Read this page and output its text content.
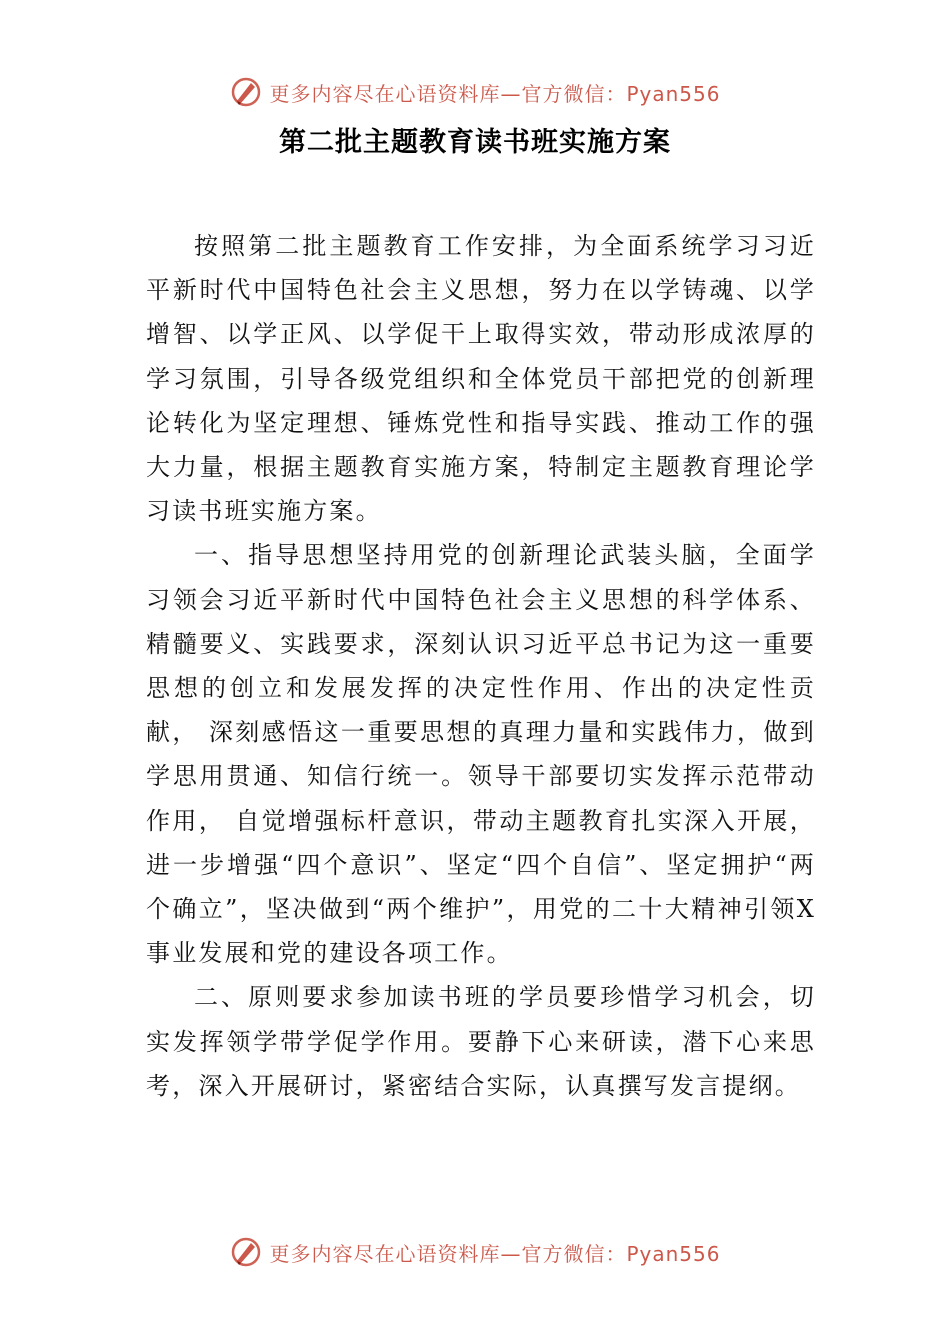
更多内容尽在心语资料库—官方微信：Pyan556
第二批主题教育读书班实施方案

按照第二批主题教育工作安排，为全面系统学习习近平新时代中国特色社会主义思想，努力在以学铸魂、以学增智、以学正风、以学促干上取得实效，带动形成浓厚的学习氛围，引导各级党组织和全体党员干部把党的创新理论转化为坚定理想、锤炼党性和指导实践、推动工作的强大力量，根据主题教育实施方案，特制定主题教育理论学习读书班实施方案。

一、指导思想坚持用党的创新理论武装头脑，全面学习领会习近平新时代中国特色社会主义思想的科学体系、精髓要义、实践要求，深刻认识习近平总书记为这一重要思想的创立和发展发挥的决定性作用、作出的决定性贡献， 深刻感悟这一重要思想的真理力量和实践伟力，做到学思用贯通、知信行统一。领导干部要切实发挥示范带动作用， 自觉增强标杆意识，带动主题教育扎实深入开展，进一步增强“四个意识”、坚定“四个自信”、坚定拥护“两个确立”，坚决做到“两个维护”，用党的二十大精神引领X事业发展和党的建设各项工作。

二、原则要求参加读书班的学员要珍惜学习机会，切实发挥领学带学促学作用。要静下心来研读，潜下心来思考，深入开展研讨，紧密结合实际，认真撰写发言提纲。

更多内容尽在心语资料库—官方微信：Pyan556
